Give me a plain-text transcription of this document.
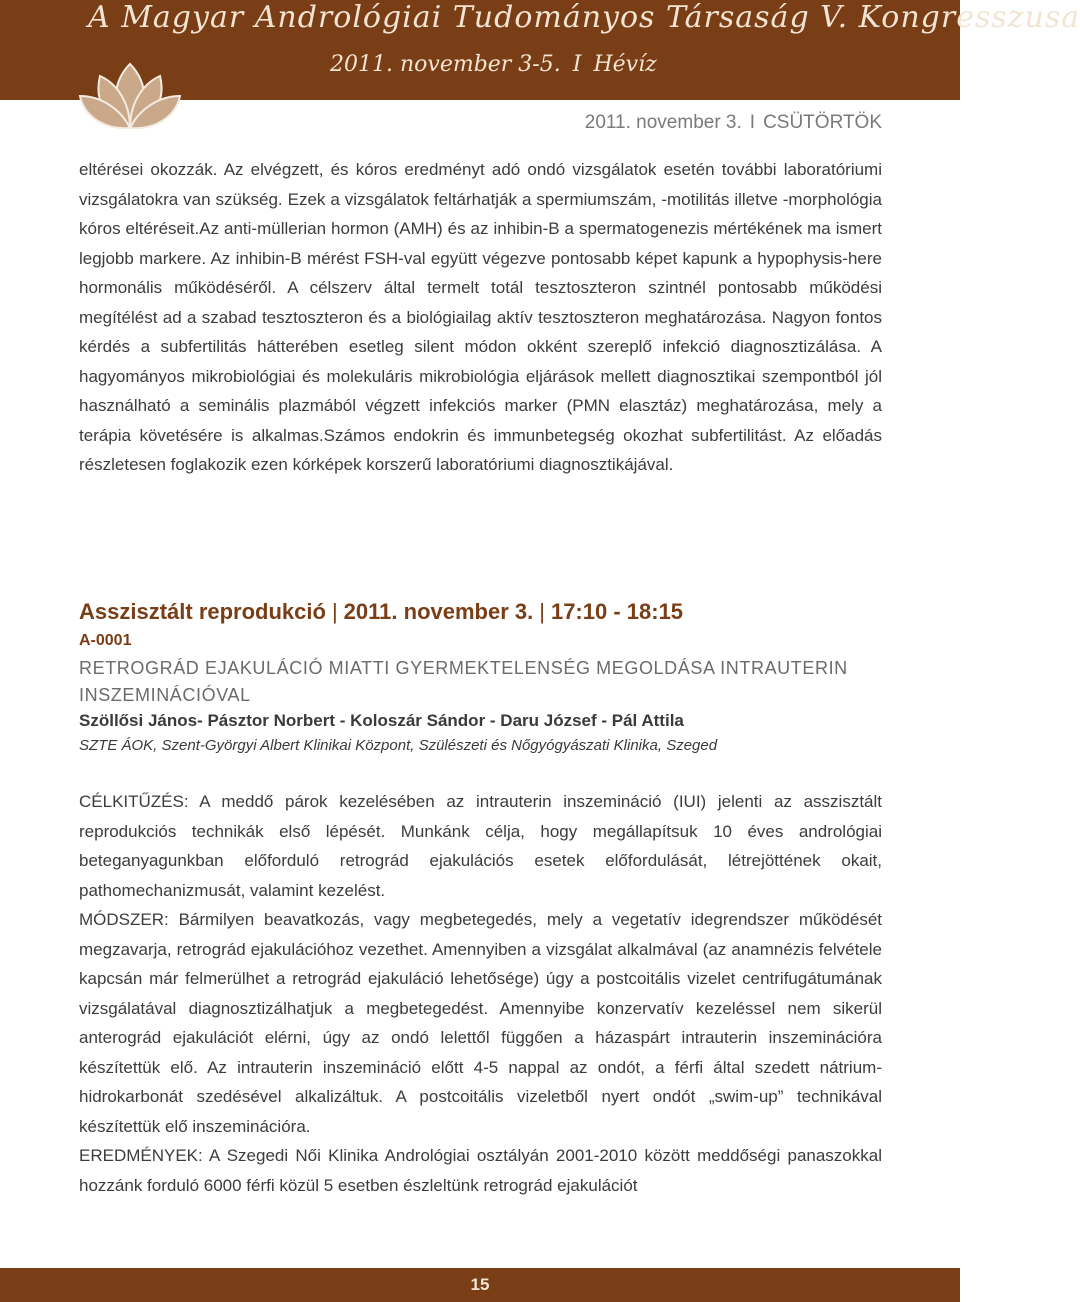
A Magyar Andrológiai Tudományos Társaság V. Kongresszusa
2011. november 3-5. I Hévíz
2011. november 3. I CSÜTÖRTÖK
eltérései okozzák. Az elvégzett, és kóros eredményt adó ondó vizsgálatok esetén további laboratóriumi vizsgálatokra van szükség. Ezek a vizsgálatok feltárhatják a spermiumszám, -motilitás illetve -morphológia kóros eltéréseit.Az anti-müllerian hormon (AMH) és az inhibin-B a spermatogenezis mértékének ma ismert legjobb markere. Az inhibin-B mérést FSH-val együtt végezve pontosabb képet kapunk a hypophysis-here hormonális működéséről. A célszerv által termelt totál tesztoszteron szintnél pontosabb működési megítélést ad a szabad tesztoszteron és a biológiailag aktív tesztoszteron meghatározása. Nagyon fontos kérdés a subfertilitás hátterében esetleg silent módon okként szereplő infekció diagnosztizálása. A hagyományos mikrobiológiai és molekuláris mikrobiológia eljárások mellett diagnosztikai szempontból jól használható a seminális plazmából végzett infekciós marker (PMN elasztáz) meghatározása, mely a terápia követésére is alkalmas.Számos endokrin és immunbetegség okozhat subfertilitást. Az előadás részletesen foglakozik ezen kórképek korszerű laboratóriumi diagnosztikájával.
Asszisztált reprodukció | 2011. november 3. | 17:10 - 18:15
A-0001
RETROGRÁD EJAKULÁCIÓ MIATTI GYERMEKTELENSÉG MEGOLDÁSA INTRAUTERIN INSZEMINÁCIÓVAL
Szöllősi János- Pásztor Norbert - Koloszár Sándor - Daru József - Pál Attila
SZTE ÁOK, Szent-Györgyi Albert Klinikai Központ, Szülészeti és Nőgyógyászati Klinika, Szeged

CÉLKITŰZÉS: A meddő párok kezelésében az intrauterin inszemináció (IUI) jelenti az asszisztált reprodukciós technikák első lépését. Munkánk célja, hogy megállapítsuk 10 éves andrológiai beteganyagunkban előforduló retrográd ejakulációs esetek előfordulását, létrejöttének okait, pathomechanizmusát, valamint kezelést.

MÓDSZER: Bármilyen beavatkozás, vagy megbetegedés, mely a vegetatív idegrendszer működését megzavarja, retrográd ejakulációhoz vezethet. Amennyiben a vizsgálat alkalmával (az anamnézis felvétele kapcsán már felmerülhet a retrográd ejakuláció lehetősége) úgy a postcoitális vizelet centrifugátumának vizsgálatával diagnosztizálhatjuk a megbetegedést. Amennyibe konzervatív kezeléssel nem sikerül anterográd ejakulációt elérni, úgy az ondó lelettől függően a házaspárt intrauterin inszeminációra készítettük elő. Az intrauterin inszemináció előtt 4-5 nappal az ondót, a férfi által szedett nátriumhidrokarbonát szedésével alkalizáltuk. A postcoitális vizeletből nyert ondót „swim-up” technikával készítettük elő inszeminációra.

EREDMÉNYEK: A Szegedi Női Klinika Andrológiai osztályán 2001-2010 között meddőségi panaszokkal hozzánk forduló 6000 férfi közül 5 esetben észleltünk retrográd ejakulációt

15
